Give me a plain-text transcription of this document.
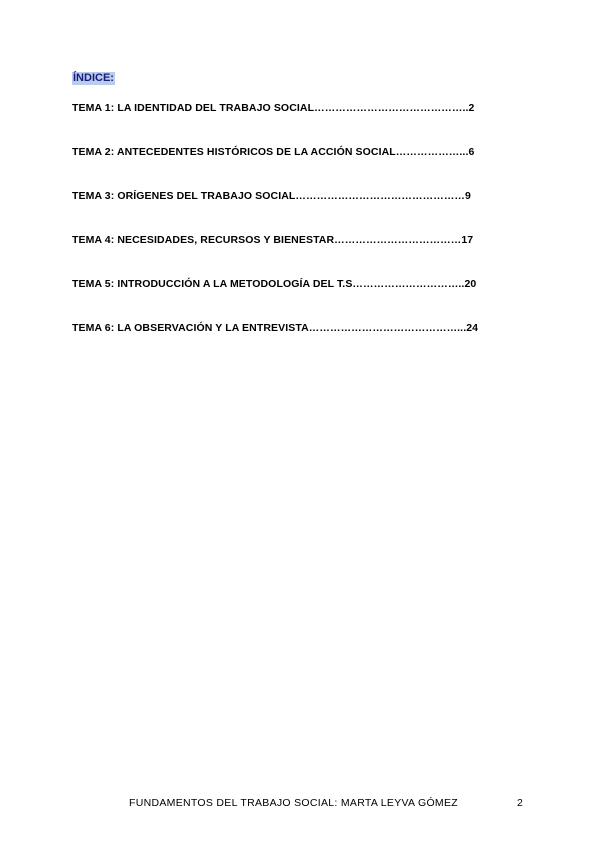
ÍNDICE:
TEMA 1: LA IDENTIDAD DEL TRABAJO SOCIAL……………………………………..2
TEMA 2: ANTECEDENTES HISTÓRICOS DE LA ACCIÓN SOCIAL………………...6
TEMA 3: ORÍGENES DEL TRABAJO SOCIAL…………………………………………9
TEMA 4: NECESIDADES, RECURSOS Y BIENESTAR………………………………17
TEMA 5: INTRODUCCIÓN A LA METODOLOGÍA DEL T.S…………………………..20
TEMA 6: LA OBSERVACIÓN Y LA ENTREVISTA……………………………………...24
FUNDAMENTOS DEL TRABAJO SOCIAL: MARTA LEYVA GÓMEZ	2
